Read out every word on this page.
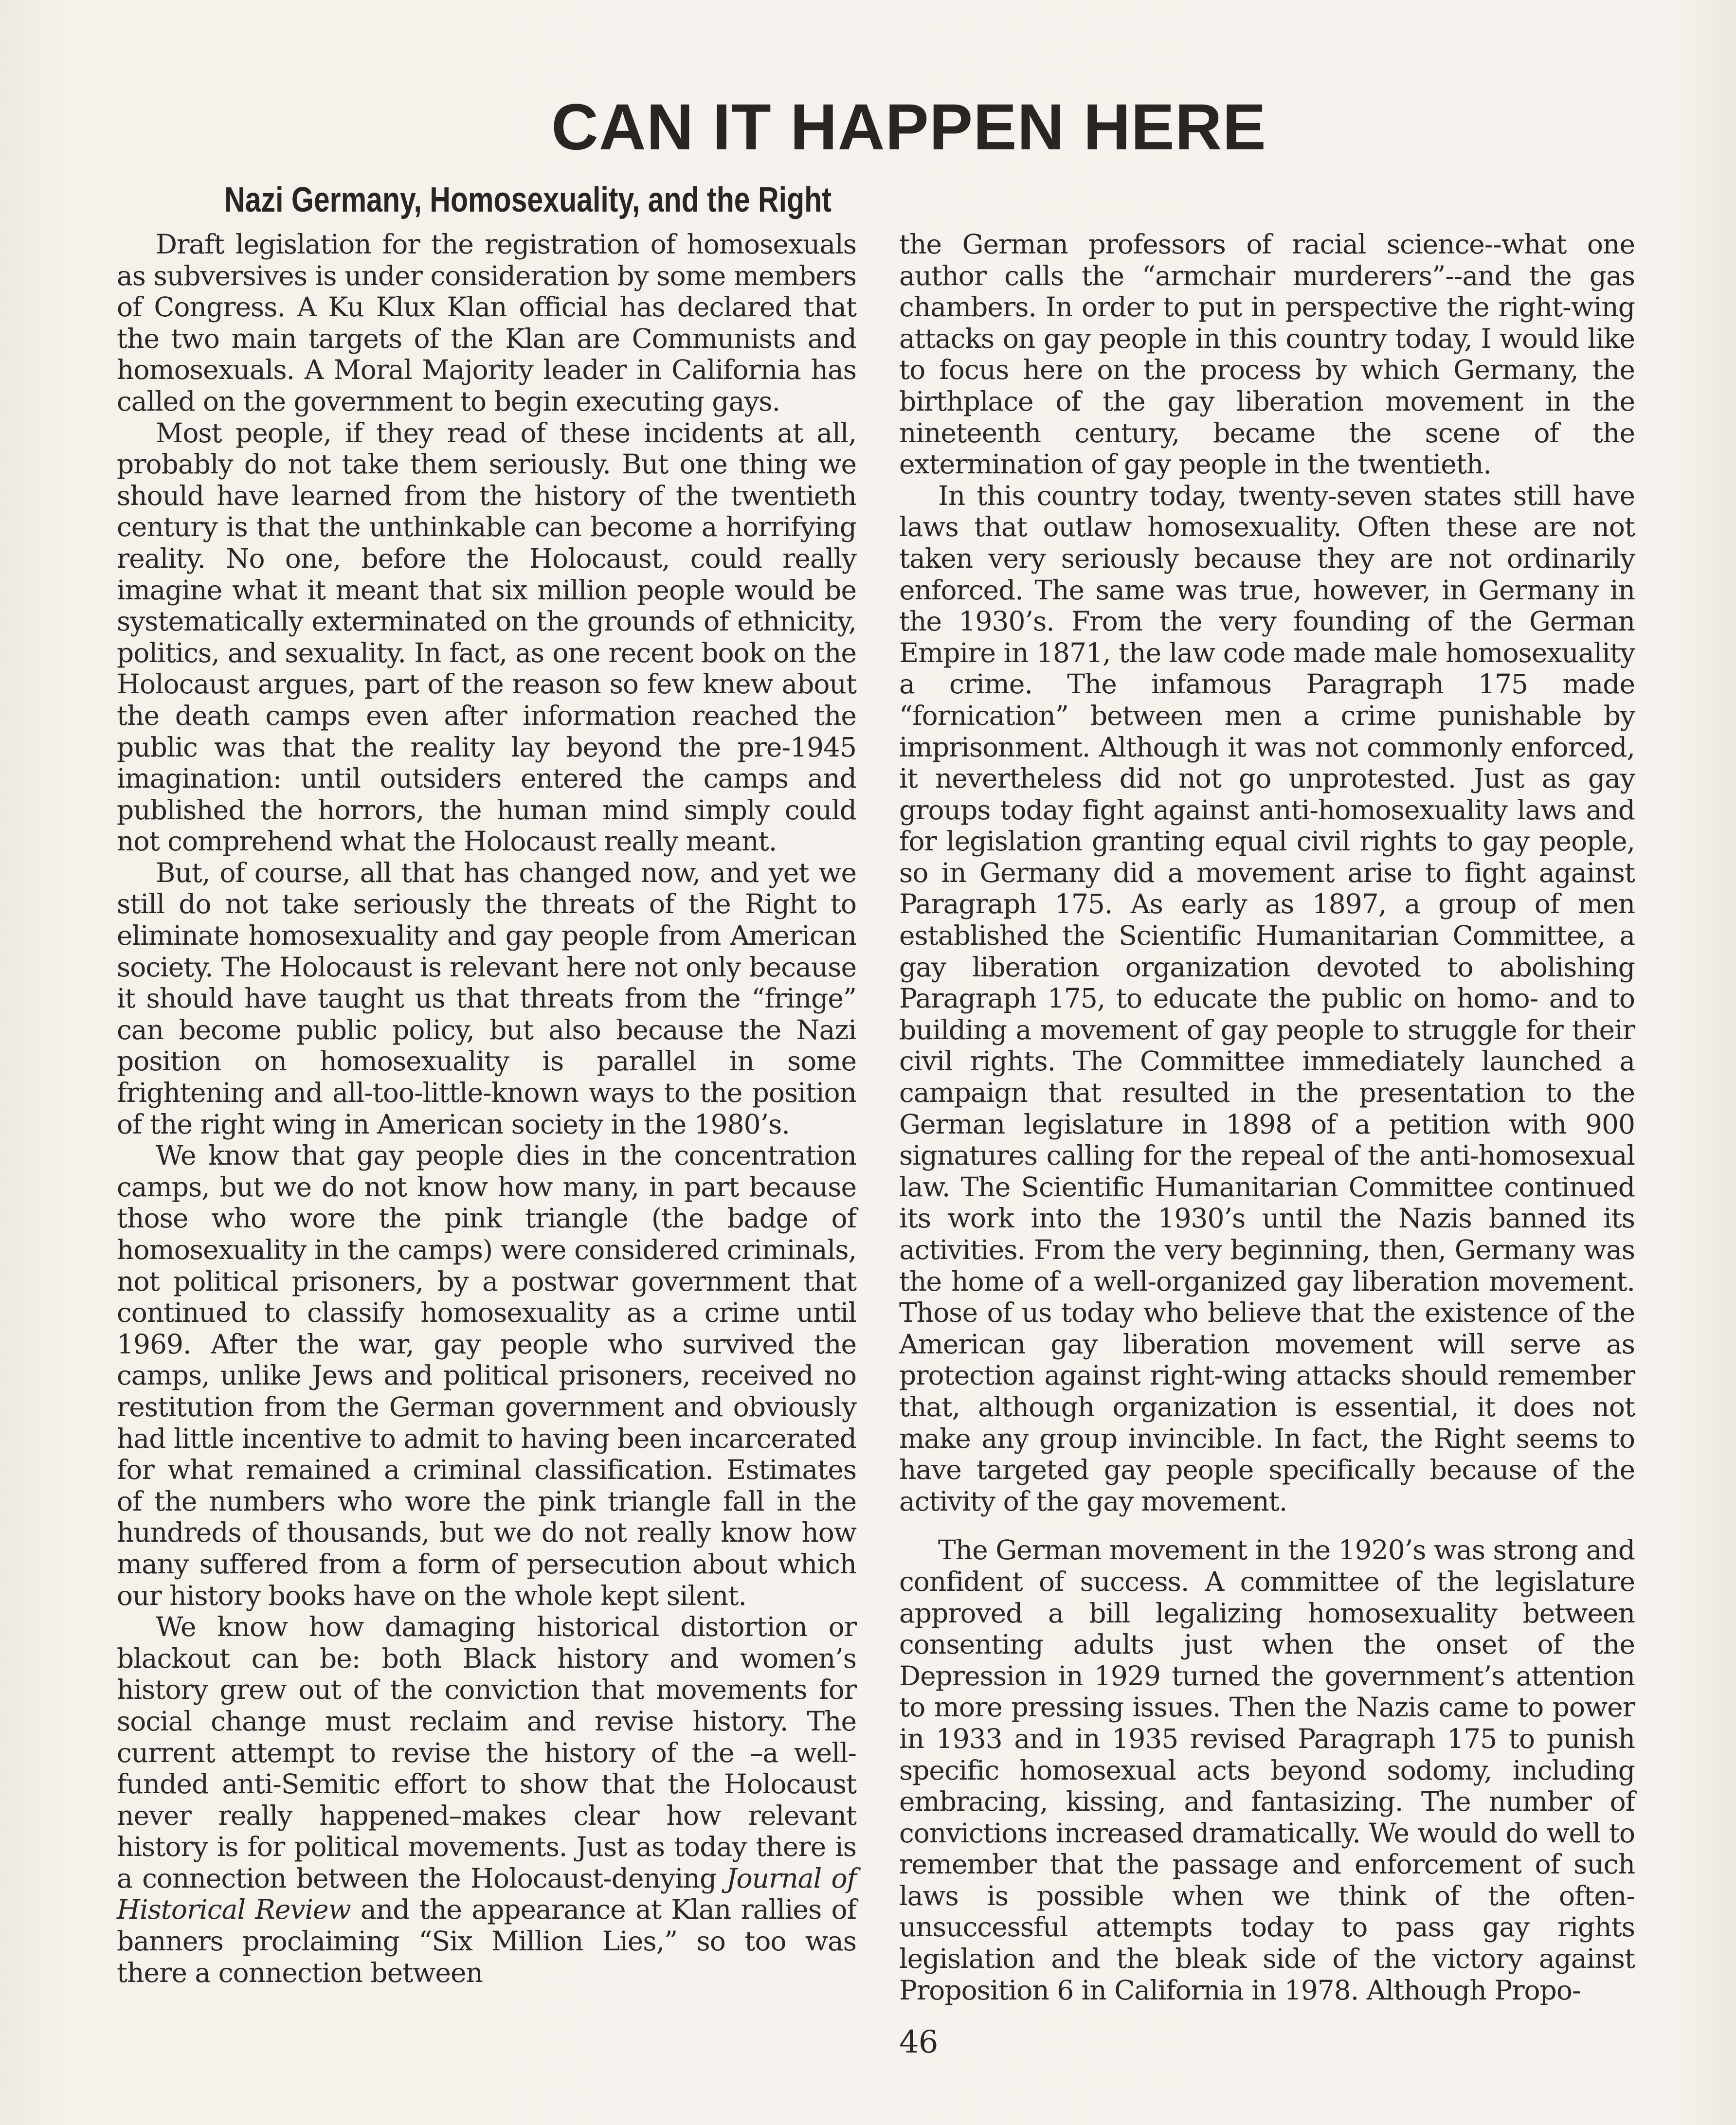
CAN IT HAPPEN HERE
Nazi Germany, Homosexuality, and the Right

Draft legislation for the registration of homosexuals as subversives is under consideration by some members of Congress. A Ku Klux Klan official has declared that the two main targets of the Klan are Communists and homosexuals. A Moral Majority leader in California has called on the government to begin executing gays.

Most people, if they read of these incidents at all, probably do not take them seriously. But one thing we should have learned from the history of the twentieth century is that the unthinkable can become a horrifying reality. No one, before the Holocaust, could really imagine what it meant that six million people would be systematically exterminated on the grounds of ethnicity, politics, and sexuality. In fact, as one recent book on the Holocaust argues, part of the reason so few knew about the death camps even after information reached the public was that the reality lay beyond the pre-1945 imagination: until outsiders entered the camps and published the horrors, the human mind simply could not comprehend what the Holocaust really meant.

But, of course, all that has changed now, and yet we still do not take seriously the threats of the Right to eliminate homosexuality and gay people from American society. The Holocaust is relevant here not only because it should have taught us that threats from the “fringe” can become public policy, but also because the Nazi position on homosexuality is parallel in some frightening and all-too-little-known ways to the position of the right wing in American society in the 1980’s.

We know that gay people dies in the concentration camps, but we do not know how many, in part because those who wore the pink triangle (the badge of homosexuality in the camps) were considered criminals, not political prisoners, by a postwar government that continued to classify homosexuality as a crime until 1969. After the war, gay people who survived the camps, unlike Jews and political prisoners, received no restitution from the German government and obviously had little incentive to admit to having been incarcerated for what remained a criminal classification. Estimates of the numbers who wore the pink triangle fall in the hundreds of thousands, but we do not really know how many suffered from a form of persecution about which our history books have on the whole kept silent.

We know how damaging historical distortion or blackout can be: both Black history and women’s history grew out of the conviction that movements for social change must reclaim and revise history. The current attempt to revise the history of the –a well-funded anti-Semitic effort to show that the Holocaust never really happened–makes clear how relevant history is for political movements. Just as today there is a connection between the Holocaust-denying Journal of Historical Review and the appearance at Klan rallies of banners proclaiming “Six Million Lies,” so too was there a connection between

the German professors of racial science--what one author calls the “armchair murderers”--and the gas chambers. In order to put in perspective the right-wing attacks on gay people in this country today, I would like to focus here on the process by which Germany, the birthplace of the gay liberation movement in the nineteenth century, became the scene of the extermination of gay people in the twentieth.

In this country today, twenty-seven states still have laws that outlaw homosexuality. Often these are not taken very seriously because they are not ordinarily enforced. The same was true, however, in Germany in the 1930’s. From the very founding of the German Empire in 1871, the law code made male homosexuality a crime. The infamous Paragraph 175 made “fornication” between men a crime punishable by imprisonment. Although it was not commonly enforced, it nevertheless did not go unprotested. Just as gay groups today fight against anti-homosexuality laws and for legislation granting equal civil rights to gay people, so in Germany did a movement arise to fight against Paragraph 175. As early as 1897, a group of men established the Scientific Humanitarian Committee, a gay liberation organization devoted to abolishing Paragraph 175, to educate the public on homo- and to building a movement of gay people to struggle for their civil rights. The Committee immediately launched a campaign that resulted in the presentation to the German legislature in 1898 of a petition with 900 signatures calling for the repeal of the anti-homosexual law. The Scientific Humanitarian Committee continued its work into the 1930’s until the Nazis banned its activities. From the very beginning, then, Germany was the home of a well-organized gay liberation movement. Those of us today who believe that the existence of the American gay liberation movement will serve as protection against right-wing attacks should remember that, although organization is essential, it does not make any group invincible. In fact, the Right seems to have targeted gay people specifically because of the activity of the gay movement.

The German movement in the 1920’s was strong and confident of success. A committee of the legislature approved a bill legalizing homosexuality between consenting adults just when the onset of the Depression in 1929 turned the government’s attention to more pressing issues. Then the Nazis came to power in 1933 and in 1935 revised Paragraph 175 to punish specific homosexual acts beyond sodomy, including embracing, kissing, and fantasizing. The number of convictions increased dramatically. We would do well to remember that the passage and enforcement of such laws is possible when we think of the often-unsuccessful attempts today to pass gay rights legislation and the bleak side of the victory against Proposition 6 in California in 1978. Although Propo-

46
